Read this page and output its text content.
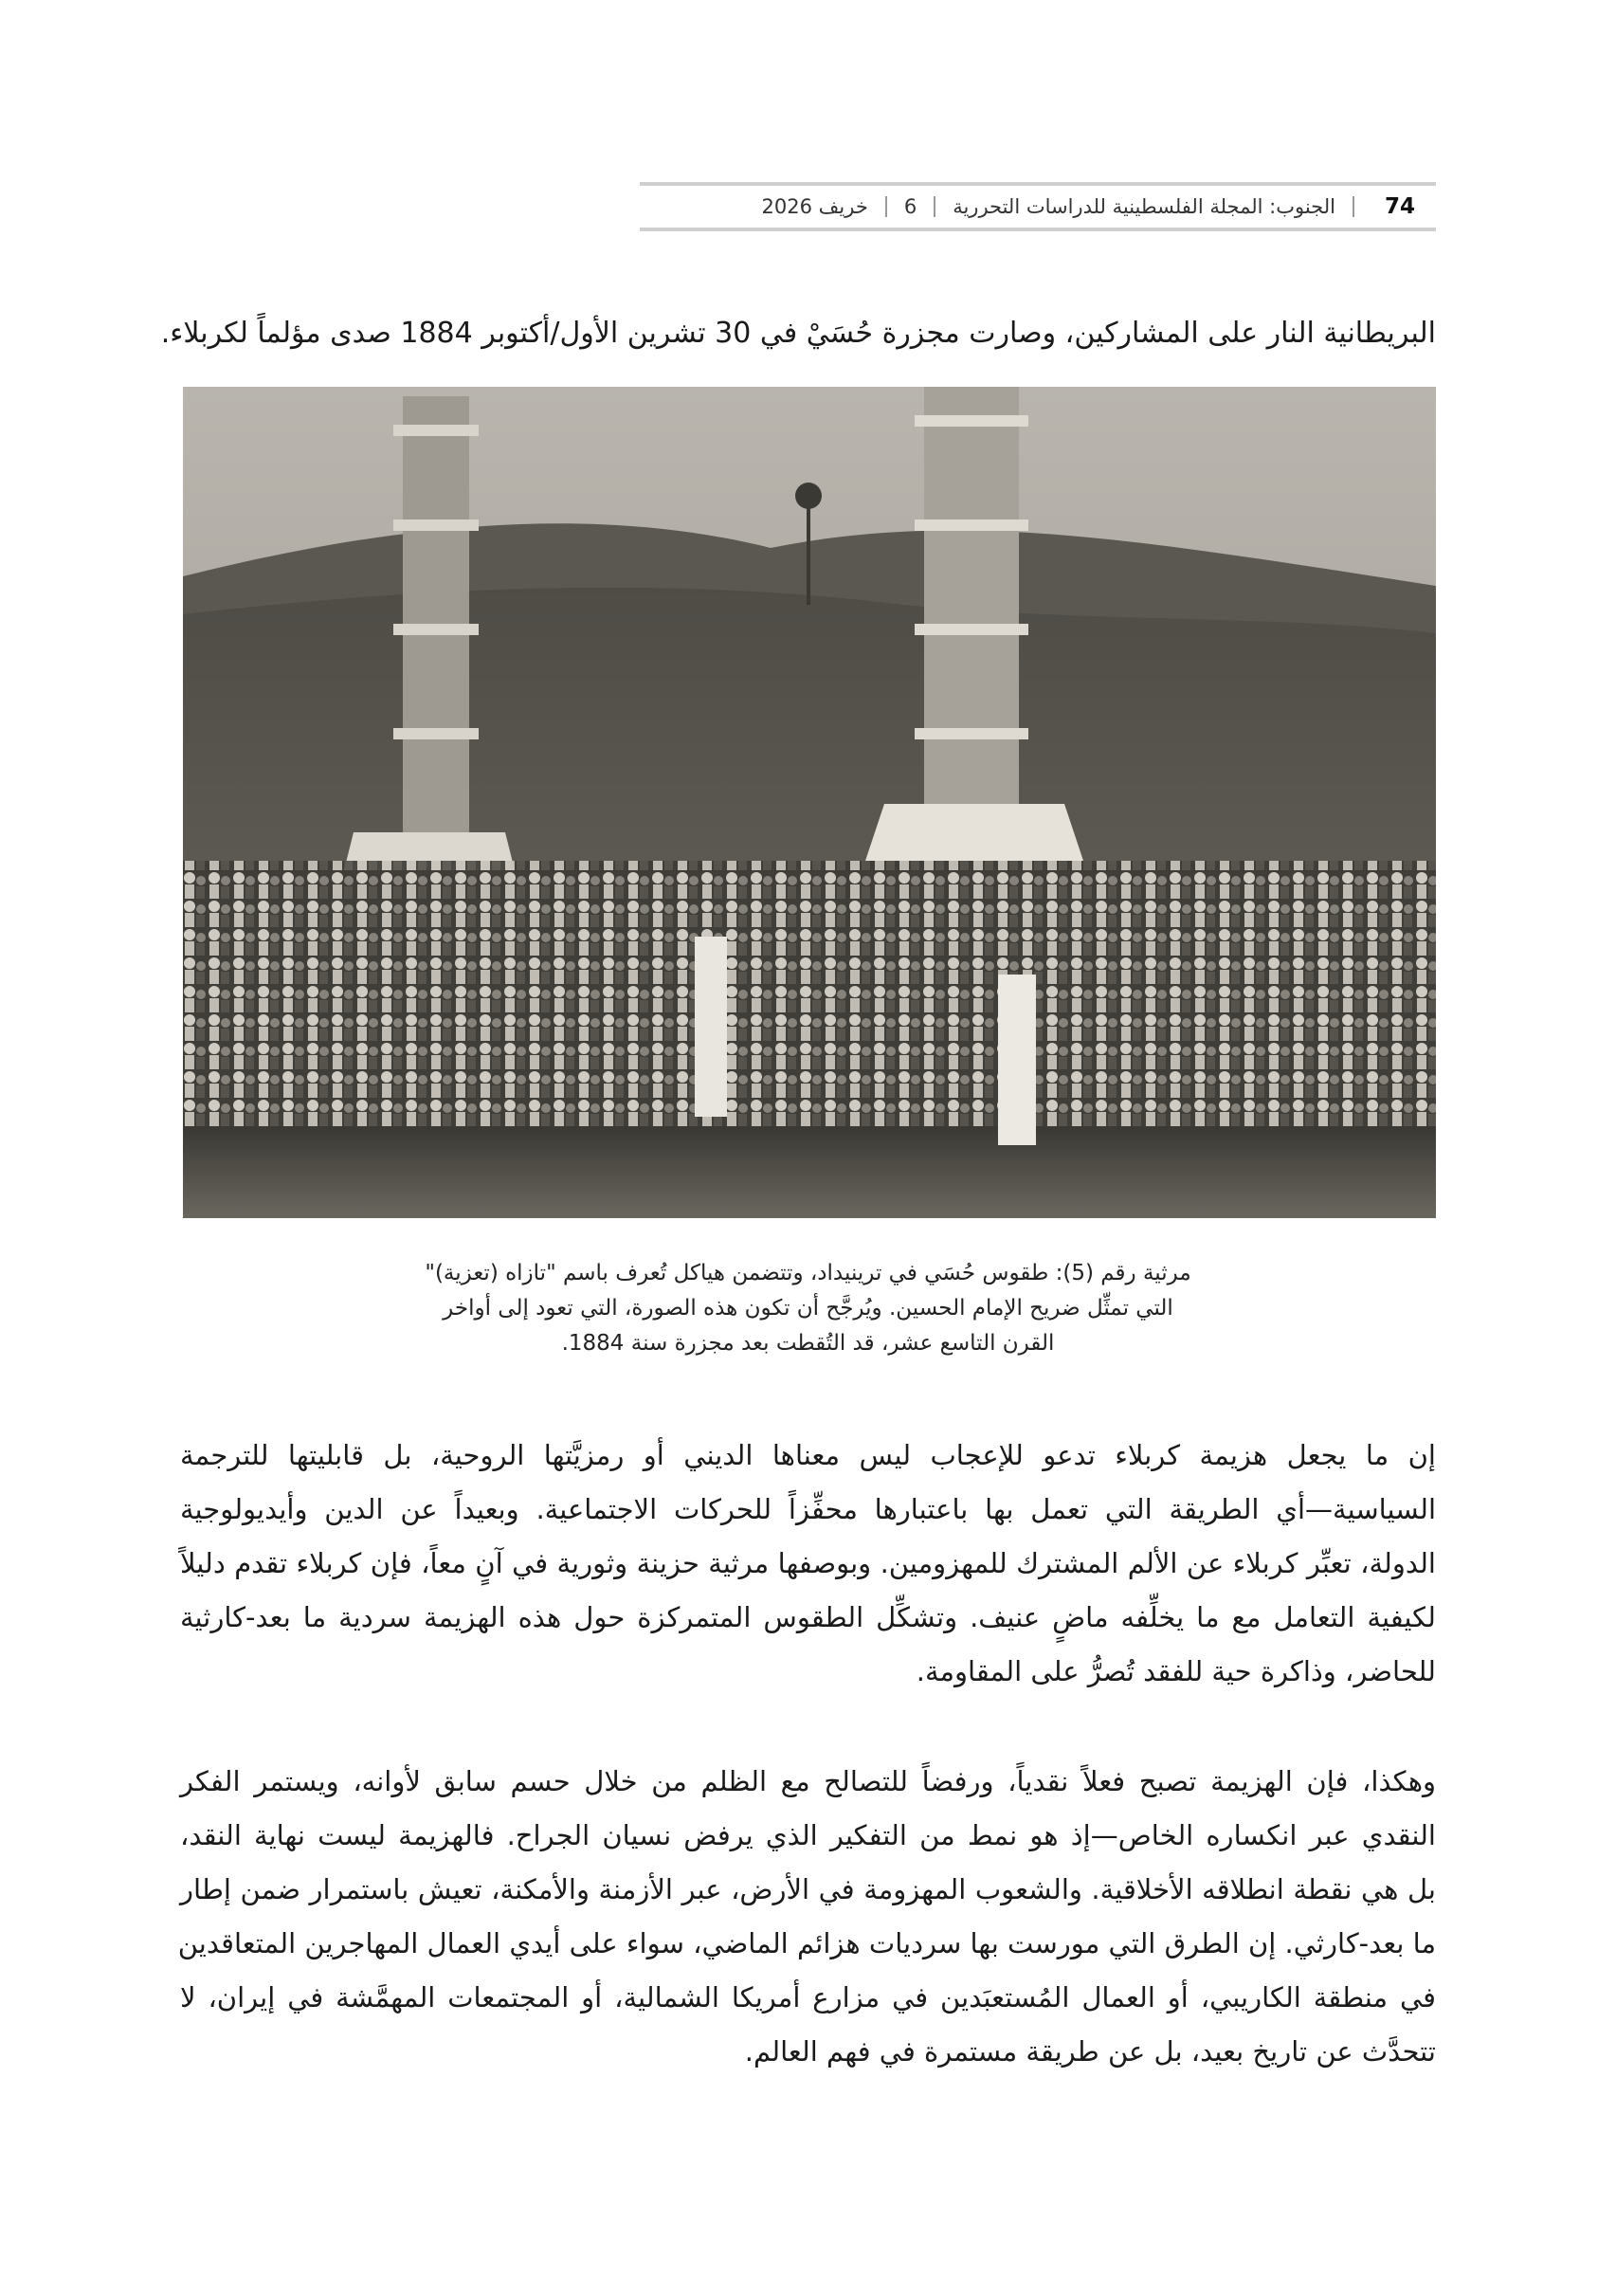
74
الجنوب: المجلة الفلسطينية للدراسات التحررية
6
خريف 2026
البريطانية النار على المشاركين، وصارت مجزرة حُسَيْ في 30 تشرين الأول/أكتوبر 1884 صدى مؤلماً لكربلاء.

مرثية رقم (5): طقوس حُسَي في ترينيداد، وتتضمن هياكل تُعرف باسم "تازاه (تعزية)"

التي تمثِّل ضريح الإمام الحسين. ويُرجَّح أن تكون هذه الصورة، التي تعود إلى أواخر

القرن التاسع عشر، قد التُقطت بعد مجزرة سنة 1884.

إن ما يجعل هزيمة كربلاء تدعو للإعجاب ليس معناها الديني أو رمزيَّتها الروحية، بل قابليتها للترجمة
السياسية—أي الطريقة التي تعمل بها باعتبارها محفِّزاً للحركات الاجتماعية. وبعيداً عن الدين وأيديولوجية
الدولة، تعبِّر كربلاء عن الألم المشترك للمهزومين. وبوصفها مرثية حزينة وثورية في آنٍ معاً، فإن كربلاء تقدم دليلاً
لكيفية التعامل مع ما يخلِّفه ماضٍ عنيف. وتشكِّل الطقوس المتمركزة حول هذه الهزيمة سردية ما بعد-كارثية
للحاضر، وذاكرة حية للفقد تُصرُّ على المقاومة.
وهكذا، فإن الهزيمة تصبح فعلاً نقدياً، ورفضاً للتصالح مع الظلم من خلال حسم سابق لأوانه، ويستمر الفكر
النقدي عبر انكساره الخاص—إذ هو نمط من التفكير الذي يرفض نسيان الجراح. فالهزيمة ليست نهاية النقد،
بل هي نقطة انطلاقه الأخلاقية. والشعوب المهزومة في الأرض، عبر الأزمنة والأمكنة، تعيش باستمرار ضمن إطار
ما بعد-كارثي. إن الطرق التي مورست بها سرديات هزائم الماضي، سواء على أيدي العمال المهاجرين المتعاقدين
في منطقة الكاريبي، أو العمال المُستعبَدين في مزارع أمريكا الشمالية، أو المجتمعات المهمَّشة في إيران، لا
تتحدَّث عن تاريخ بعيد، بل عن طريقة مستمرة في فهم العالم.
